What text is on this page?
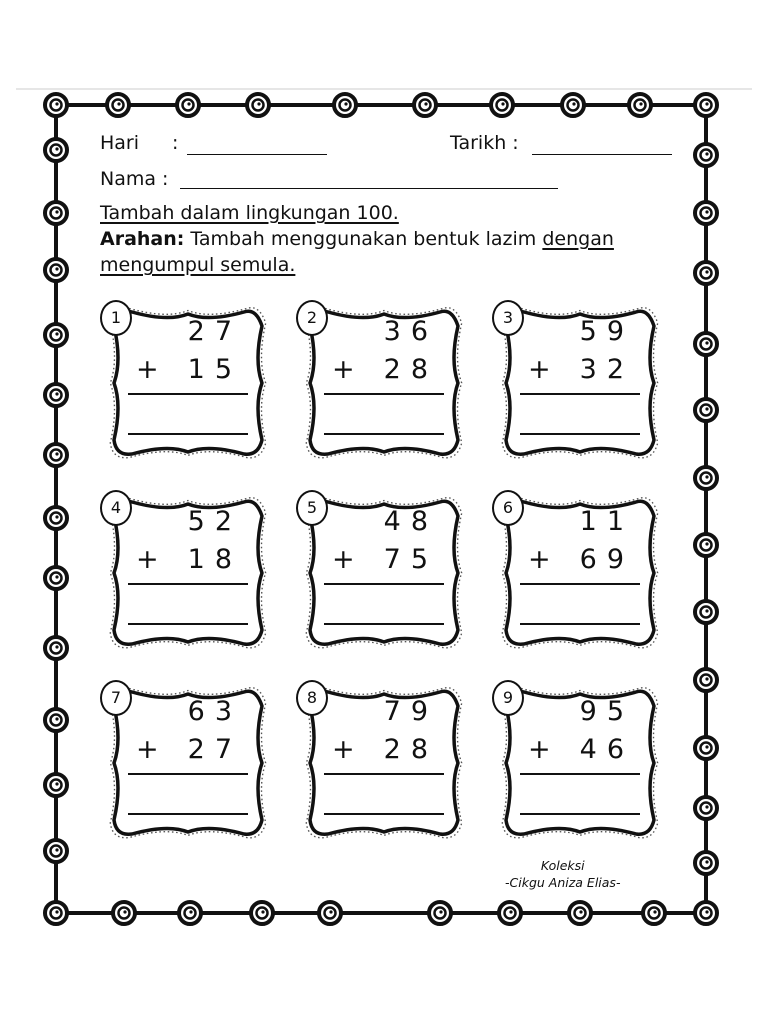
Hari :	Tarikh :
Nama :
Tambah dalam lingkungan 100.
Arahan: Tambah menggunakan bentuk lazim dengan
mengumpul semula.
1	27
+ 15
2	36
+ 28
3	59
+ 32
4	52
+ 18
5	48
+ 75
6	11
+ 69
7	63
+ 27
8	79
+ 28
9	95
+ 46
Koleksi
-Cikgu Aniza Elias-
